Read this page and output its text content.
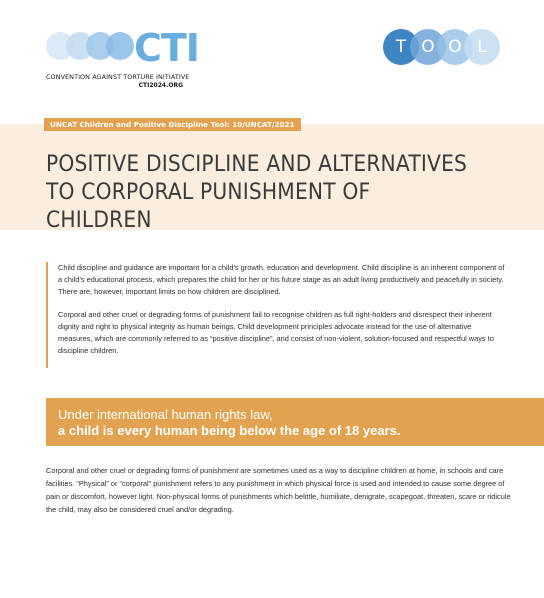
CTI
CONVENTION AGAINST TORTURE INITIATIVE
CTI2024.ORG
T O O L
UNCAT Children and Positive Discipline Tool: 10/UNCAT/2021
POSITIVE DISCIPLINE AND ALTERNATIVES
TO CORPORAL PUNISHMENT OF CHILDREN

Child discipline and guidance are important for a child’s growth, education and development. Child discipline is an inherent component of a child’s educational process, which prepares the child for her or his future stage as an adult living productively and peacefully in society. There are, however, important limits on how children are disciplined.

Corporal and other cruel or degrading forms of punishment fail to recognise children as full right-holders and disrespect their inherent dignity and right to physical integrity as human beings. Child development principles advocate instead for the use of alternative measures, which are commonly referred to as “positive discipline”, and consist of non-violent, solution-focused and respectful ways to discipline children.

Under international human rights law,
a child is every human being below the age of 18 years.

Corporal and other cruel or degrading forms of punishment are sometimes used as a way to discipline children at home, in schools and care facilities. “Physical” or “corporal” punishment refers to any punishment in which physical force is used and intended to cause some degree of pain or discomfort, however light. Non-physical forms of punishments which belittle, humiliate, denigrate, scapegoat, threaten, scare or ridicule the child, may also be considered cruel and/or degrading.
